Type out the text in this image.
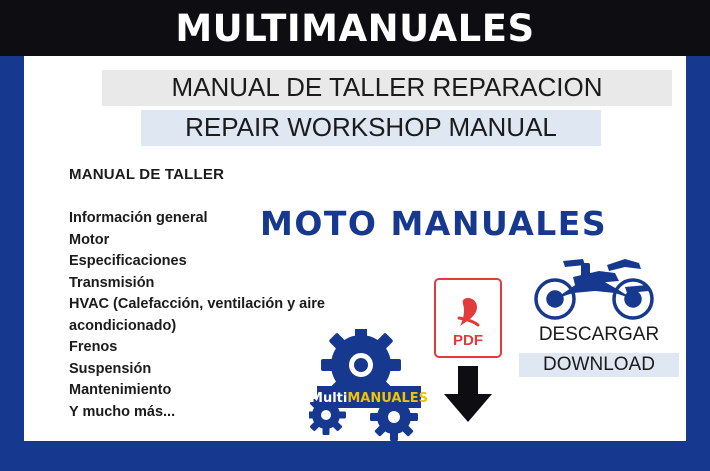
MULTIMANUALES
MANUAL DE TALLER REPARACION
REPAIR WORKSHOP MANUAL
MANUAL DE TALLER
Información general
Motor
Especificaciones
Transmisión
HVAC (Calefacción, ventilación y aire
acondicionado)
Frenos
Suspensión
Mantenimiento
Y mucho más...
MOTO MANUALES
MultiMANUALES
PDF	DESCARGAR
DOWNLOAD
